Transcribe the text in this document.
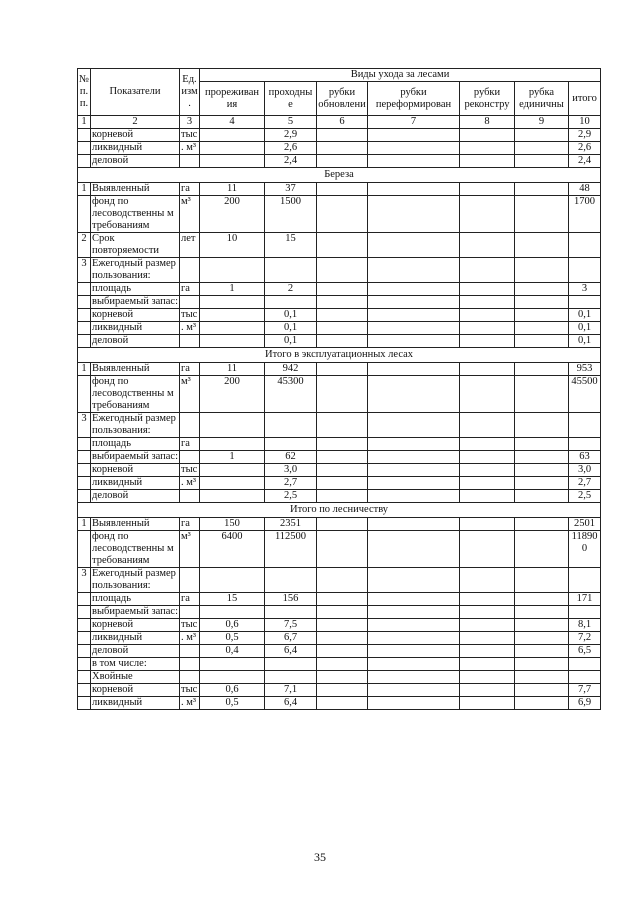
№ п.п.	Показатели	Ед. изм.	Виды ухода за лесами						
			прореживан ия	проходны е	рубки обновлени	рубки переформирован	рубки реконстру	рубка единичны	итого
1	2	3	4	5	6	7	8	9	10
	корневой	тыс		2,9					2,9
	ликвидный	. м³		2,6					2,6
	деловой			2,4					2,4
Береза									
1	Выявленный	га	11	37					48
	фонд по лесоводственны м требованиям	м³	200	1500					1700
2	Срок повторяемости	лет	10	15					
3	Ежегодный размер пользования:								
	площадь	га	1	2					3
	выбираемый запас:								
	корневой	тыс		0,1					0,1
	ликвидный	. м³		0,1					0,1
	деловой			0,1					0,1
Итого в эксплуатационных лесах									
1	Выявленный	га	11	942					953
	фонд по лесоводственны м требованиям	м³	200	45300					45500
3	Ежегодный размер пользования:								
	площадь	га							
	выбираемый запас:		1	62					63
	корневой	тыс		3,0					3,0
	ликвидный	. м³		2,7					2,7
	деловой			2,5					2,5
Итого по лесничеству									
1	Выявленный	га	150	2351					2501
	фонд по лесоводственны м требованиям	м³	6400	112500					11890 0
3	Ежегодный размер пользования:								
	площадь	га	15	156					171
	выбираемый запас:								
	корневой	тыс	0,6	7,5					8,1
	ликвидный	. м³	0,5	6,7					7,2
	деловой		0,4	6,4					6,5
	в том числе:								
	Хвойные								
	корневой	тыс	0,6	7,1					7,7
	ликвидный	. м³	0,5	6,4					6,9
35
